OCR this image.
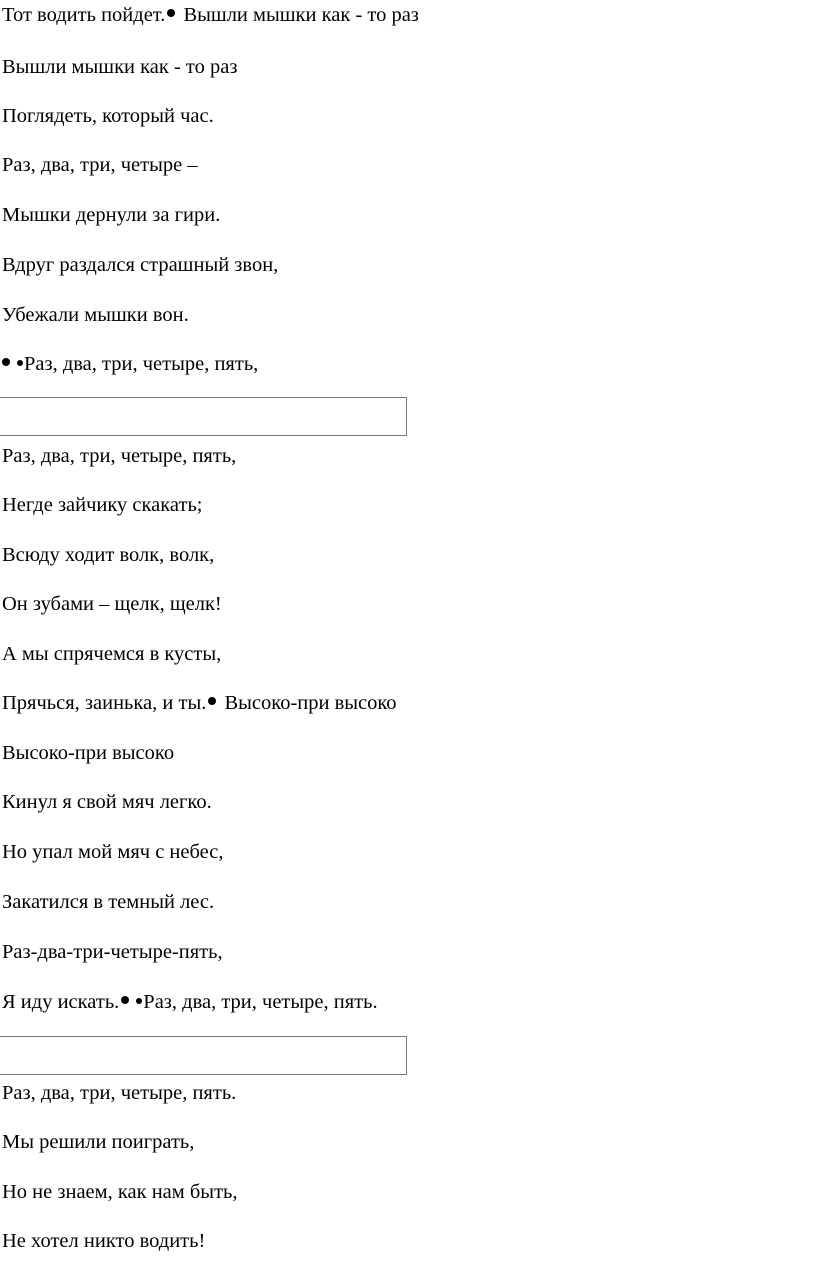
Тот водить пойдет. Вышли мышки как - то раз
Вышли мышки как - то раз
Поглядеть, который час.
Раз, два, три, четыре –
Мышки дернули за гири.
Вдруг раздался страшный звон,
Убежали мышки вон.
Раз, два, три, четыре, пять,
Раз, два, три, четыре, пять,
Негде зайчику скакать;
Всюду ходит волк, волк,
Он зубами – щелк, щелк!
А мы спрячемся в кусты,
Прячься, заинька, и ты. Высоко-при высоко
Высоко-при высоко
Кинул я свой мяч легко.
Но упал мой мяч с небес,
Закатился в темный лес.
Раз-два-три-четыре-пять,
Я иду искать. Раз, два, три, четыре, пять.
Раз, два, три, четыре, пять.
Мы решили поиграть,
Но не знаем, как нам быть,
Не хотел никто водить!
